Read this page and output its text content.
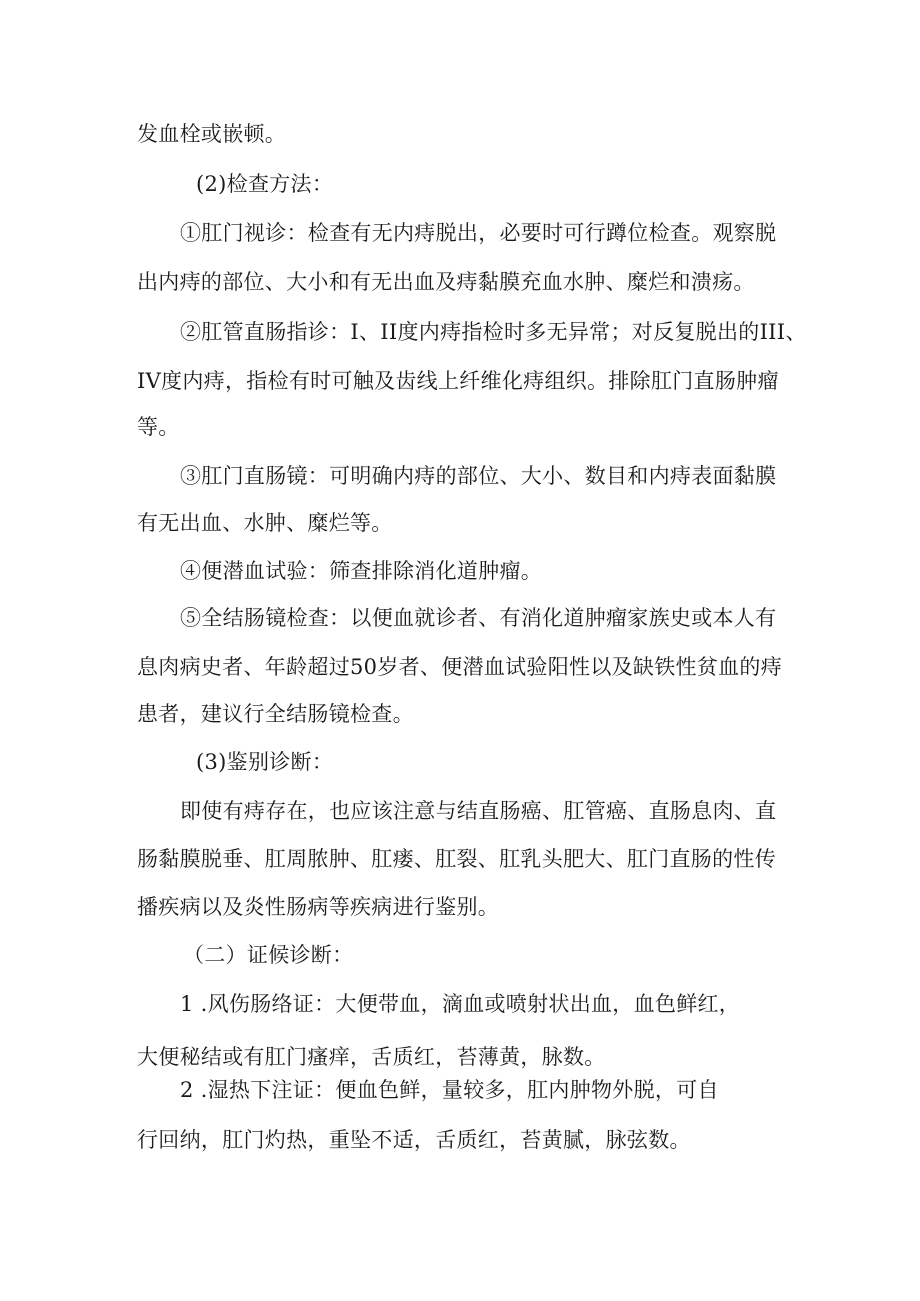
发血栓或嵌顿。
(2)检查方法：
①肛门视诊：检查有无内痔脱出，必要时可行蹲位检查。观察脱
出内痔的部位、大小和有无出血及痔黏膜充血水肿、糜烂和溃疡。
②肛管直肠指诊：I、II度内痔指检时多无异常；对反复脱出的III、
IV度内痔，指检有时可触及齿线上纤维化痔组织。排除肛门直肠肿瘤
等。
③肛门直肠镜：可明确内痔的部位、大小、数目和内痔表面黏膜
有无出血、水肿、糜烂等。
④便潜血试验：筛查排除消化道肿瘤。
⑤全结肠镜检查：以便血就诊者、有消化道肿瘤家族史或本人有
息肉病史者、年龄超过50岁者、便潜血试验阳性以及缺铁性贫血的痔
患者，建议行全结肠镜检查。
(3)鉴别诊断：
即使有痔存在，也应该注意与结直肠癌、肛管癌、直肠息肉、直
肠黏膜脱垂、肛周脓肿、肛瘘、肛裂、肛乳头肥大、肛门直肠的性传
播疾病以及炎性肠病等疾病进行鉴别。
（二）证候诊断：
1 .风伤肠络证：大便带血，滴血或喷射状出血，血色鲜红，
大便秘结或有肛门瘙痒，舌质红，苔薄黄，脉数。
2 .湿热下注证：便血色鲜，量较多，肛内肿物外脱，可自
行回纳，肛门灼热，重坠不适，舌质红，苔黄腻，脉弦数。
